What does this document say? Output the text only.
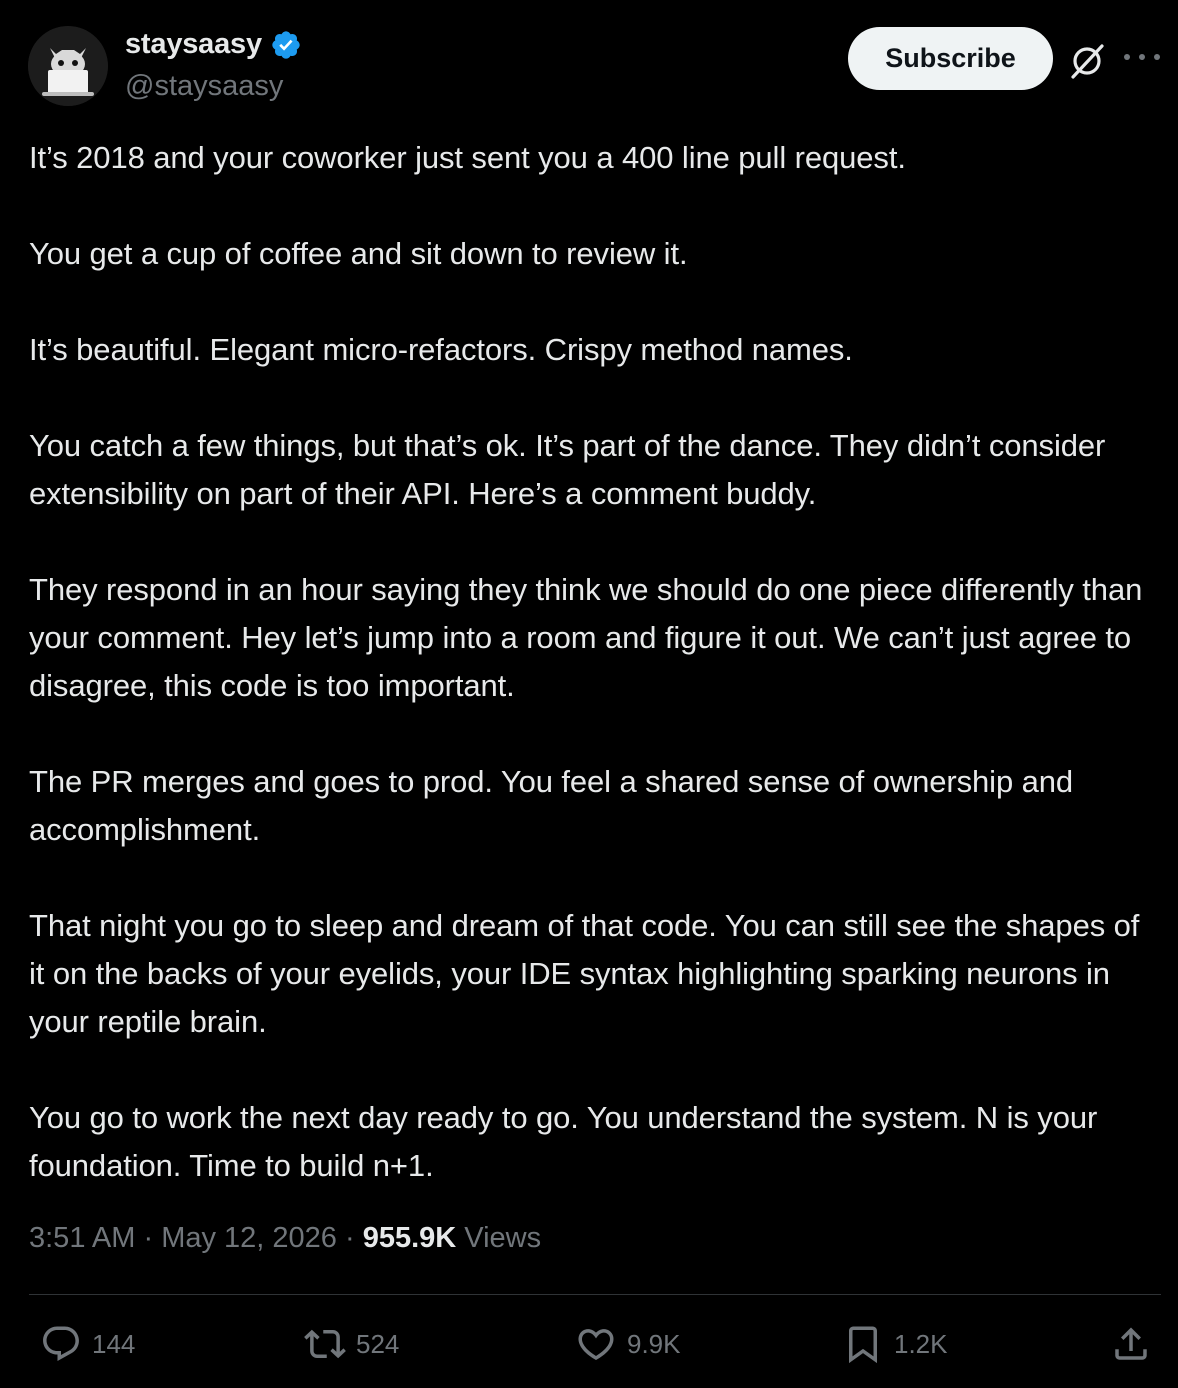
staysaasy
@staysaasy
Subscribe

It’s 2018 and your coworker just sent you a 400 line pull request.

You get a cup of coffee and sit down to review it.

It’s beautiful. Elegant micro-refactors. Crispy method names.

You catch a few things, but that’s ok. It’s part of the dance. They didn’t consider extensibility on part of their API. Here’s a comment buddy.

They respond in an hour saying they think we should do one piece differently than your comment. Hey let’s jump into a room and figure it out. We can’t just agree to disagree, this code is too important.

The PR merges and goes to prod. You feel a shared sense of ownership and accomplishment.

That night you go to sleep and dream of that code. You can still see the shapes of it on the backs of your eyelids, your IDE syntax highlighting sparking neurons in your reptile brain.

You go to work the next day ready to go. You understand the system. N is your foundation. Time to build n+1.

3:51 AM · May 12, 2026 · 955.9K Views
144	524	9.9K	1.2K
